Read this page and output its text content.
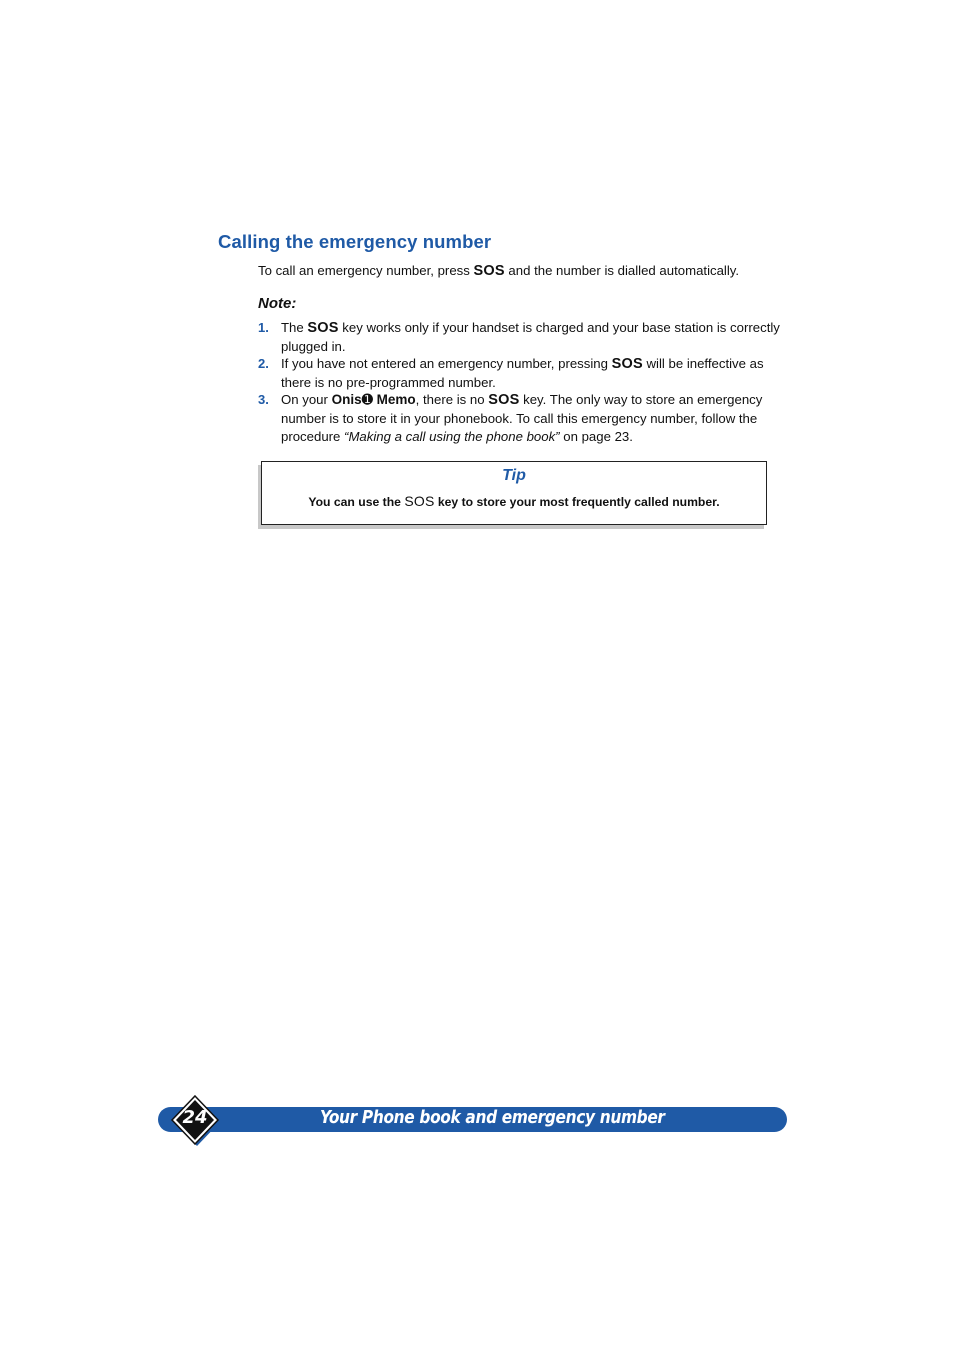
Calling the emergency number

To call an emergency number, press SOS and the number is dialled automatically.

Note:
1. The SOS key works only if your handset is charged and your base station is correctly plugged in.
2. If you have not entered an emergency number, pressing SOS will be ineffective as there is no pre-programmed number.
3. On your Onis➊ Memo, there is no SOS key. The only way to store an emergency number is to store it in your phonebook. To call this emergency number, follow the procedure “Making a call using the phone book” on page 23.
Tip
You can use the SOS key to store your most frequently called number.
Your Phone book and emergency number
24
